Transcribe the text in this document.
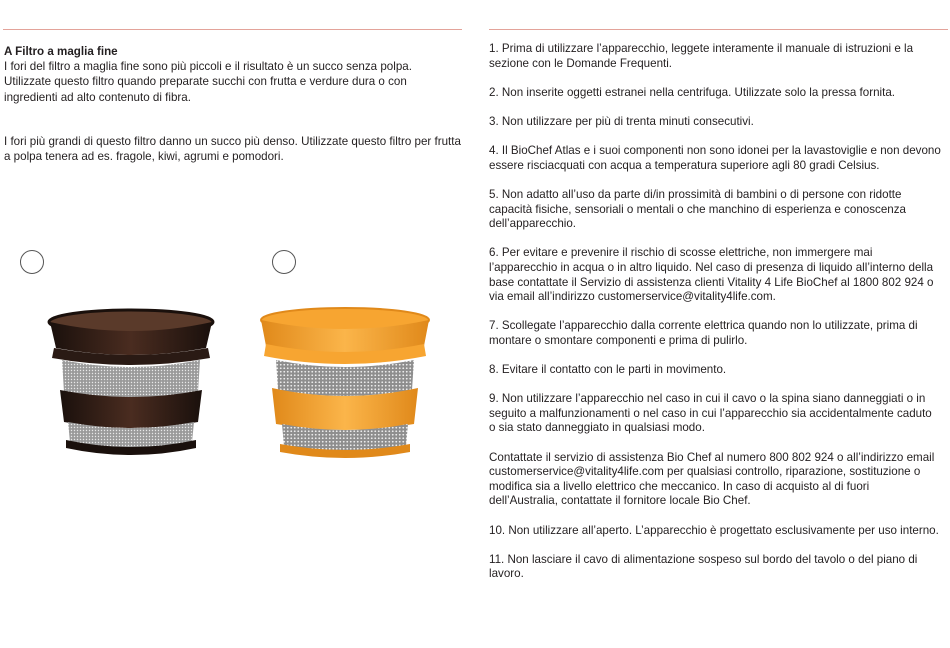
A Filtro a maglia fine

I fori del filtro a maglia fine sono più piccoli e il risultato è un succo senza polpa. Utilizzate questo filtro quando preparate succhi con frutta e verdure dura o con ingredienti ad alto contenuto di fibra.

I fori più grandi di questo filtro danno un succo più denso. Utilizzate questo filtro per frutta a polpa tenera ad es. fragole, kiwi, agrumi e pomodori.

1. Prima di utilizzare l’apparecchio, leggete interamente il manuale di istruzioni e la sezione con le Domande Frequenti.

2. Non inserite oggetti estranei nella centrifuga. Utilizzate solo la pressa fornita.

3. Non utilizzare per più di trenta minuti consecutivi.

4. Il BioChef Atlas e i suoi componenti non sono idonei per la lavastoviglie e non devono essere risciacquati con acqua a temperatura superiore agli 80 gradi Celsius.

5. Non adatto all’uso da parte di/in prossimità di bambini o di persone con ridotte capacità fisiche, sensoriali o mentali o che manchino di esperienza e conoscenza dell’apparecchio.

6. Per evitare e prevenire il rischio di scosse elettriche, non immergere mai l’apparecchio in acqua o in altro liquido. Nel caso di presenza di liquido all’interno della base contattate il Servizio di assistenza clienti Vitality 4 Life BioChef al 1800 802 924 o via email all’indirizzo customerservice@vitality4life.com.

7. Scollegate l’apparecchio dalla corrente elettrica quando non lo utilizzate, prima di montare o smontare componenti e prima di pulirlo.

8. Evitare il contatto con le parti in movimento.

9. Non utilizzare l’apparecchio nel caso in cui il cavo o la spina siano danneggiati o in seguito a malfunzionamenti o nel caso in cui l’apparecchio sia accidentalmente caduto o sia stato danneggiato in qualsiasi modo.

Contattate il servizio di assistenza Bio Chef al numero 800 802 924 o all’indirizzo email customerservice@vitality4life.com per qualsiasi controllo, riparazione, sostituzione o modifica sia a livello elettrico che meccanico. In caso di acquisto al di fuori dell’Australia, contattate il fornitore locale Bio Chef.

10. Non utilizzare all’aperto. L’apparecchio è progettato esclusivamente per uso interno.

11. Non lasciare il cavo di alimentazione sospeso sul bordo del tavolo o del piano di lavoro.
